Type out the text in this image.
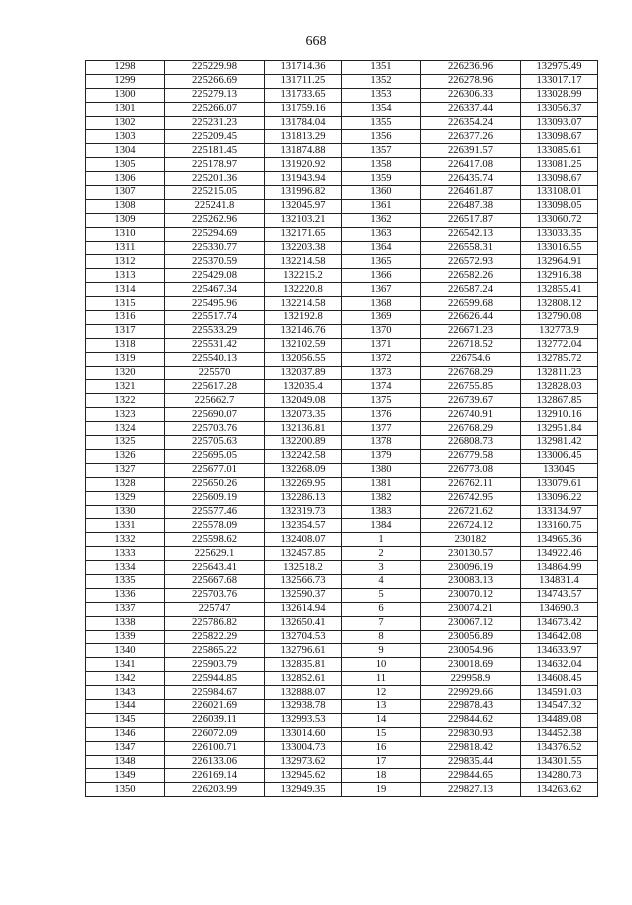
668
1298	225229.98	131714.36	1351	226236.96	132975.49
1299	225266.69	131711.25	1352	226278.96	133017.17
1300	225279.13	131733.65	1353	226306.33	133028.99
1301	225266.07	131759.16	1354	226337.44	133056.37
1302	225231.23	131784.04	1355	226354.24	133093.07
1303	225209.45	131813.29	1356	226377.26	133098.67
1304	225181.45	131874.88	1357	226391.57	133085.61
1305	225178.97	131920.92	1358	226417.08	133081.25
1306	225201.36	131943.94	1359	226435.74	133098.67
1307	225215.05	131996.82	1360	226461.87	133108.01
1308	225241.8	132045.97	1361	226487.38	133098.05
1309	225262.96	132103.21	1362	226517.87	133060.72
1310	225294.69	132171.65	1363	226542.13	133033.35
1311	225330.77	132203.38	1364	226558.31	133016.55
1312	225370.59	132214.58	1365	226572.93	132964.91
1313	225429.08	132215.2	1366	226582.26	132916.38
1314	225467.34	132220.8	1367	226587.24	132855.41
1315	225495.96	132214.58	1368	226599.68	132808.12
1316	225517.74	132192.8	1369	226626.44	132790.08
1317	225533.29	132146.76	1370	226671.23	132773.9
1318	225531.42	132102.59	1371	226718.52	132772.04
1319	225540.13	132056.55	1372	226754.6	132785.72
1320	225570	132037.89	1373	226768.29	132811.23
1321	225617.28	132035.4	1374	226755.85	132828.03
1322	225662.7	132049.08	1375	226739.67	132867.85
1323	225690.07	132073.35	1376	226740.91	132910.16
1324	225703.76	132136.81	1377	226768.29	132951.84
1325	225705.63	132200.89	1378	226808.73	132981.42
1326	225695.05	132242.58	1379	226779.58	133006.45
1327	225677.01	132268.09	1380	226773.08	133045
1328	225650.26	132269.95	1381	226762.11	133079.61
1329	225609.19	132286.13	1382	226742.95	133096.22
1330	225577.46	132319.73	1383	226721.62	133134.97
1331	225578.09	132354.57	1384	226724.12	133160.75
1332	225598.62	132408.07	1	230182	134965.36
1333	225629.1	132457.85	2	230130.57	134922.46
1334	225643.41	132518.2	3	230096.19	134864.99
1335	225667.68	132566.73	4	230083.13	134831.4
1336	225703.76	132590.37	5	230070.12	134743.57
1337	225747	132614.94	6	230074.21	134690.3
1338	225786.82	132650.41	7	230067.12	134673.42
1339	225822.29	132704.53	8	230056.89	134642.08
1340	225865.22	132796.61	9	230054.96	134633.97
1341	225903.79	132835.81	10	230018.69	134632.04
1342	225944.85	132852.61	11	229958.9	134608.45
1343	225984.67	132888.07	12	229929.66	134591.03
1344	226021.69	132938.78	13	229878.43	134547.32
1345	226039.11	132993.53	14	229844.62	134489.08
1346	226072.09	133014.60	15	229830.93	134452.38
1347	226100.71	133004.73	16	229818.42	134376.52
1348	226133.06	132973.62	17	229835.44	134301.55
1349	226169.14	132945.62	18	229844.65	134280.73
1350	226203.99	132949.35	19	229827.13	134263.62
